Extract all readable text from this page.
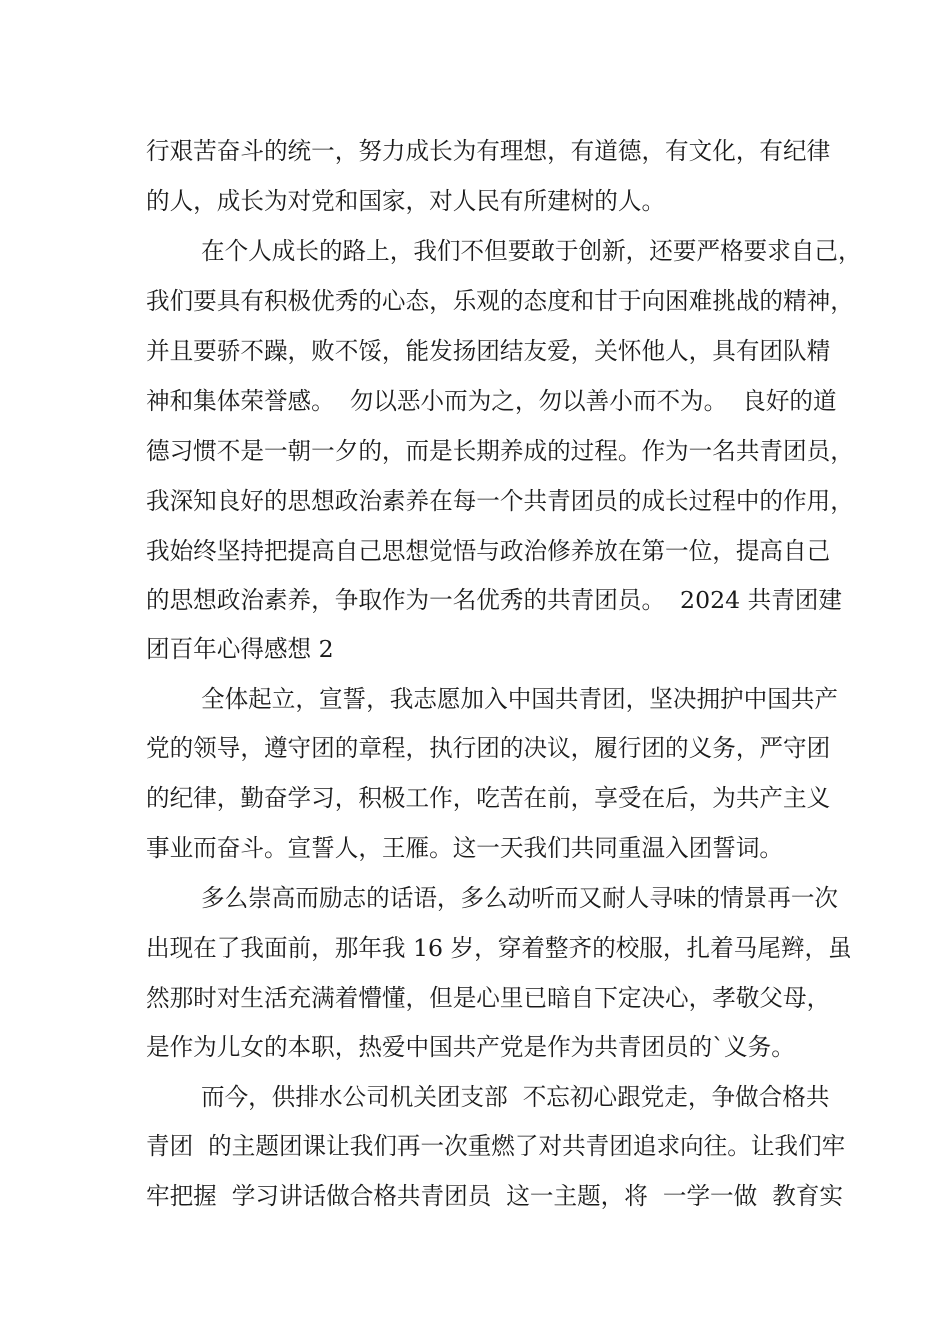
行艰苦奋斗的统一，努力成长为有理想，有道德，有文化，有纪律
的人，成长为对党和国家，对人民有所建树的人。
在个人成长的路上，我们不但要敢于创新，还要严格要求自己，
我们要具有积极优秀的心态，乐观的态度和甘于向困难挑战的精神，
并且要骄不躁，败不馁，能发扬团结友爱，关怀他人，具有团队精
神和集体荣誉感。  勿以恶小而为之，勿以善小而不为。  良好的道
德习惯不是一朝一夕的，而是长期养成的过程。作为一名共青团员，
我深知良好的思想政治素养在每一个共青团员的成长过程中的作用，
我始终坚持把提高自己思想觉悟与政治修养放在第一位，提高自己
的思想政治素养，争取作为一名优秀的共青团员。  2024 共青团建
团百年心得感想 2
全体起立，宣誓，我志愿加入中国共青团，坚决拥护中国共产
党的领导，遵守团的章程，执行团的决议，履行团的义务，严守团
的纪律，勤奋学习，积极工作，吃苦在前，享受在后，为共产主义
事业而奋斗。宣誓人，王雁。这一天我们共同重温入团誓词。
多么崇高而励志的话语，多么动听而又耐人寻味的情景再一次
出现在了我面前，那年我 16 岁，穿着整齐的校服，扎着马尾辫，虽
然那时对生活充满着懵懂，但是心里已暗自下定决心，孝敬父母，
是作为儿女的本职，热爱中国共产党是作为共青团员的`义务。
而今，供排水公司机关团支部  不忘初心跟党走，争做合格共
青团  的主题团课让我们再一次重燃了对共青团追求向往。让我们牢
牢把握  学习讲话做合格共青团员  这一主题，将  一学一做  教育实
